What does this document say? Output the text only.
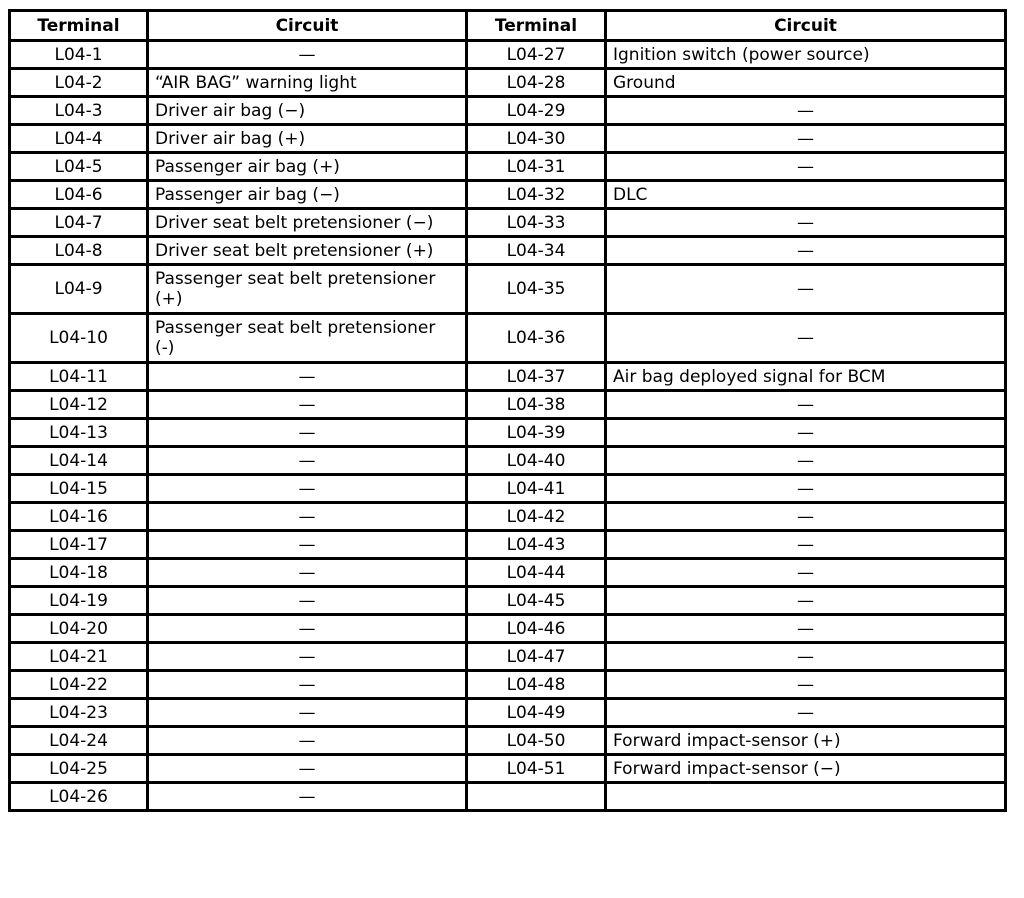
Terminal	Circuit	Terminal	Circuit
L04-1	—	L04-27	Ignition switch (power source)
L04-2	“AIR BAG” warning light	L04-28	Ground
L04-3	Driver air bag (−)	L04-29	—
L04-4	Driver air bag (+)	L04-30	—
L04-5	Passenger air bag (+)	L04-31	—
L04-6	Passenger air bag (−)	L04-32	DLC
L04-7	Driver seat belt pretensioner (−)	L04-33	—
L04-8	Driver seat belt pretensioner (+)	L04-34	—
L04-9	Passenger seat belt pretensioner (+)	L04-35	—
L04-10	Passenger seat belt pretensioner (-)	L04-36	—
L04-11	—	L04-37	Air bag deployed signal for BCM
L04-12	—	L04-38	—
L04-13	—	L04-39	—
L04-14	—	L04-40	—
L04-15	—	L04-41	—
L04-16	—	L04-42	—
L04-17	—	L04-43	—
L04-18	—	L04-44	—
L04-19	—	L04-45	—
L04-20	—	L04-46	—
L04-21	—	L04-47	—
L04-22	—	L04-48	—
L04-23	—	L04-49	—
L04-24	—	L04-50	Forward impact-sensor (+)
L04-25	—	L04-51	Forward impact-sensor (−)
L04-26	—		
